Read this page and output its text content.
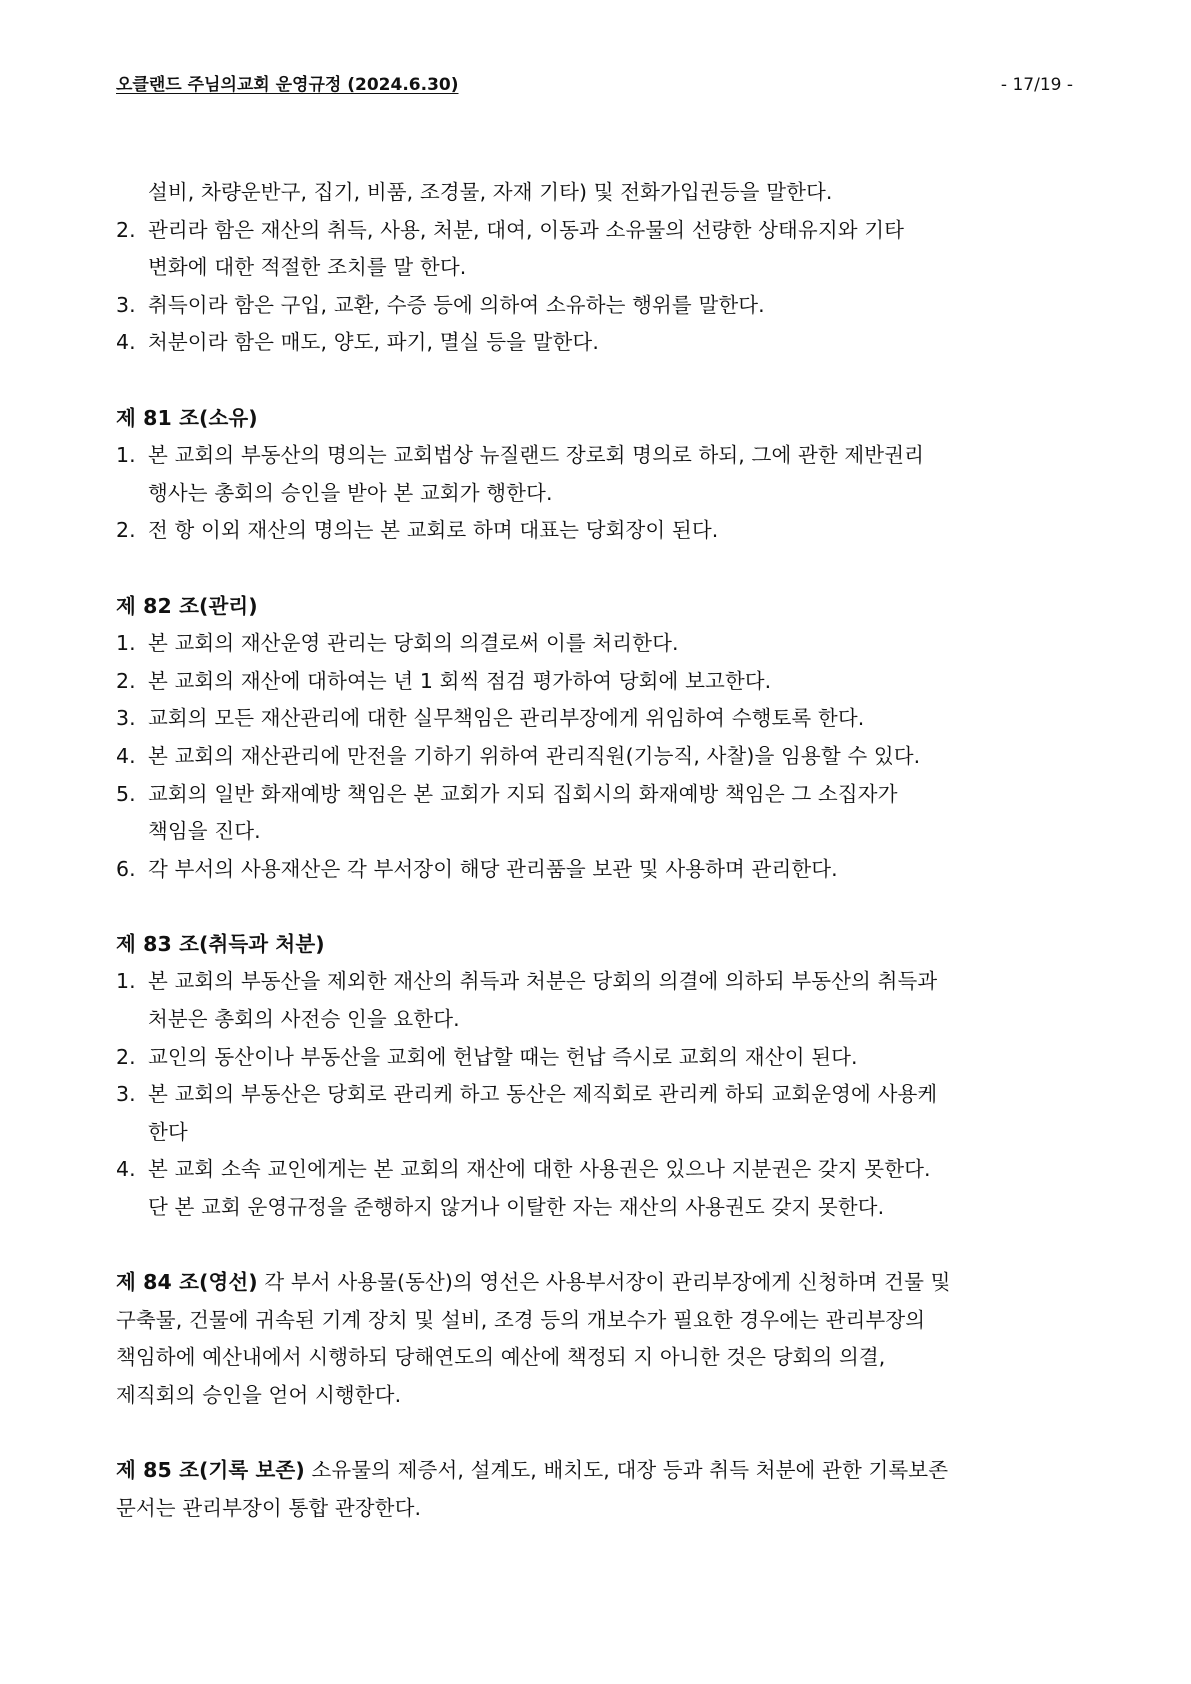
오클랜드 주님의교회 운영규정 (2024.6.30)	- 17/19 -
설비, 차량운반구, 집기, 비품, 조경물, 자재 기타) 및 전화가입권등을 말한다.
2. 관리라 함은 재산의 취득, 사용, 처분, 대여, 이동과 소유물의 선량한 상태유지와 기타
변화에 대한 적절한 조치를 말 한다.
3. 취득이라 함은 구입, 교환, 수증 등에 의하여 소유하는 행위를 말한다.
4. 처분이라 함은 매도, 양도, 파기, 멸실 등을 말한다.
제 81 조(소유)
1. 본 교회의 부동산의 명의는 교회법상 뉴질랜드 장로회 명의로 하되, 그에 관한 제반권리
행사는 총회의 승인을 받아 본 교회가 행한다.
2. 전 항 이외 재산의 명의는 본 교회로 하며 대표는 당회장이 된다.
제 82 조(관리)
1. 본 교회의 재산운영 관리는 당회의 의결로써 이를 처리한다.
2. 본 교회의 재산에 대하여는 년 1 회씩 점검 평가하여 당회에 보고한다.
3. 교회의 모든 재산관리에 대한 실무책임은 관리부장에게 위임하여 수행토록 한다.
4. 본 교회의 재산관리에 만전을 기하기 위하여 관리직원(기능직, 사찰)을 임용할 수 있다.
5. 교회의 일반 화재예방 책임은 본 교회가 지되 집회시의 화재예방 책임은 그 소집자가
책임을 진다.
6. 각 부서의 사용재산은 각 부서장이 해당 관리품을 보관 및 사용하며 관리한다.
제 83 조(취득과 처분)
1. 본 교회의 부동산을 제외한 재산의 취득과 처분은 당회의 의결에 의하되 부동산의 취득과
처분은 총회의 사전승 인을 요한다.
2. 교인의 동산이나 부동산을 교회에 헌납할 때는 헌납 즉시로 교회의 재산이 된다.
3. 본 교회의 부동산은 당회로 관리케 하고 동산은 제직회로 관리케 하되 교회운영에 사용케
한다
4. 본 교회 소속 교인에게는 본 교회의 재산에 대한 사용권은 있으나 지분권은 갖지 못한다.
단 본 교회 운영규정을 준행하지 않거나 이탈한 자는 재산의 사용권도 갖지 못한다.
제 84 조(영선) 각 부서 사용물(동산)의 영선은 사용부서장이 관리부장에게 신청하며 건물 및
구축물, 건물에 귀속된 기계 장치 및 설비, 조경 등의 개보수가 필요한 경우에는 관리부장의
책임하에 예산내에서 시행하되 당해연도의 예산에 책정되 지 아니한 것은 당회의 의결,
제직회의 승인을 얻어 시행한다.
제 85 조(기록 보존) 소유물의 제증서, 설계도, 배치도, 대장 등과 취득 처분에 관한 기록보존
문서는 관리부장이 통합 관장한다.
